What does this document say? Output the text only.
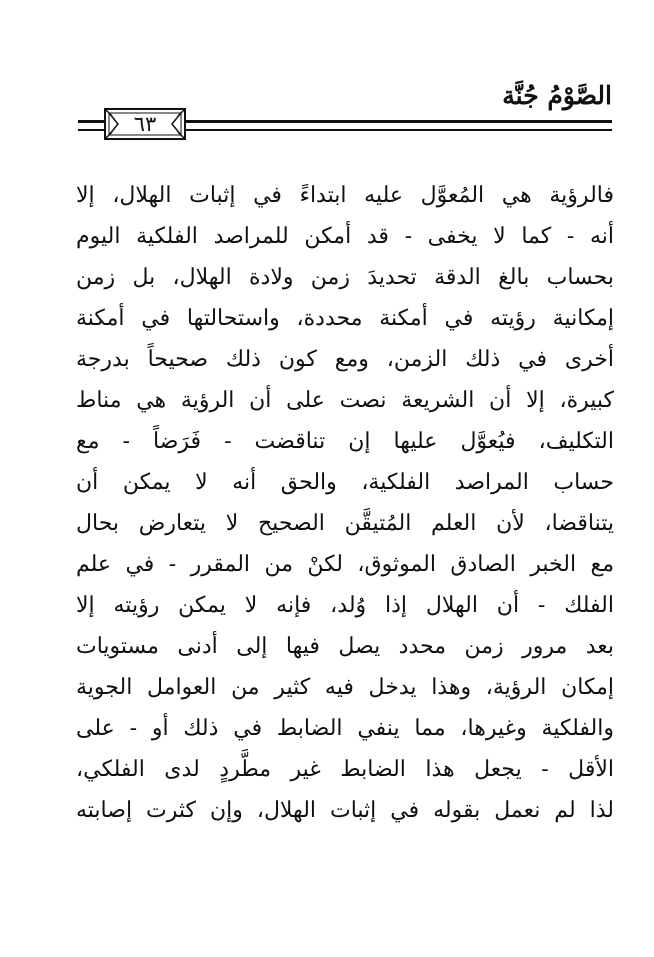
الصَّوْمُ جُنَّة
٦٣
فالرؤية هي المُعوَّل عليه ابتداءً في إثبات الهلال، إلا
أنه - كما لا يخفى - قد أمكن للمراصد الفلكية اليوم
بحساب بالغ الدقة تحديدَ زمن ولادة الهلال، بل زمن
إمكانية رؤيته في أمكنة محددة، واستحالتها في أمكنة
أخرى في ذلك الزمن، ومع كون ذلك صحيحاً بدرجة
كبيرة، إلا أن الشريعة نصت على أن الرؤية هي مناط
التكليف، فيُعوَّل عليها إن تناقضت - فَرَضاً - مع
حساب المراصد الفلكية، والحق أنه لا يمكن أن
يتناقضا، لأن العلم المُتيقَّن الصحيح لا يتعارض بحال
مع الخبر الصادق الموثوق، لكنْ من المقرر - في علم
الفلك - أن الهلال إذا وُلد، فإنه لا يمكن رؤيته إلا
بعد مرور زمن محدد يصل فيها إلى أدنى مستويات
إمكان الرؤية، وهذا يدخل فيه كثير من العوامل الجوية
والفلكية وغيرها، مما ينفي الضابط في ذلك أو - على
الأقل - يجعل هذا الضابط غير مطَّردٍ لدى الفلكي،
لذا لم نعمل بقوله في إثبات الهلال، وإن كثرت إصابته
